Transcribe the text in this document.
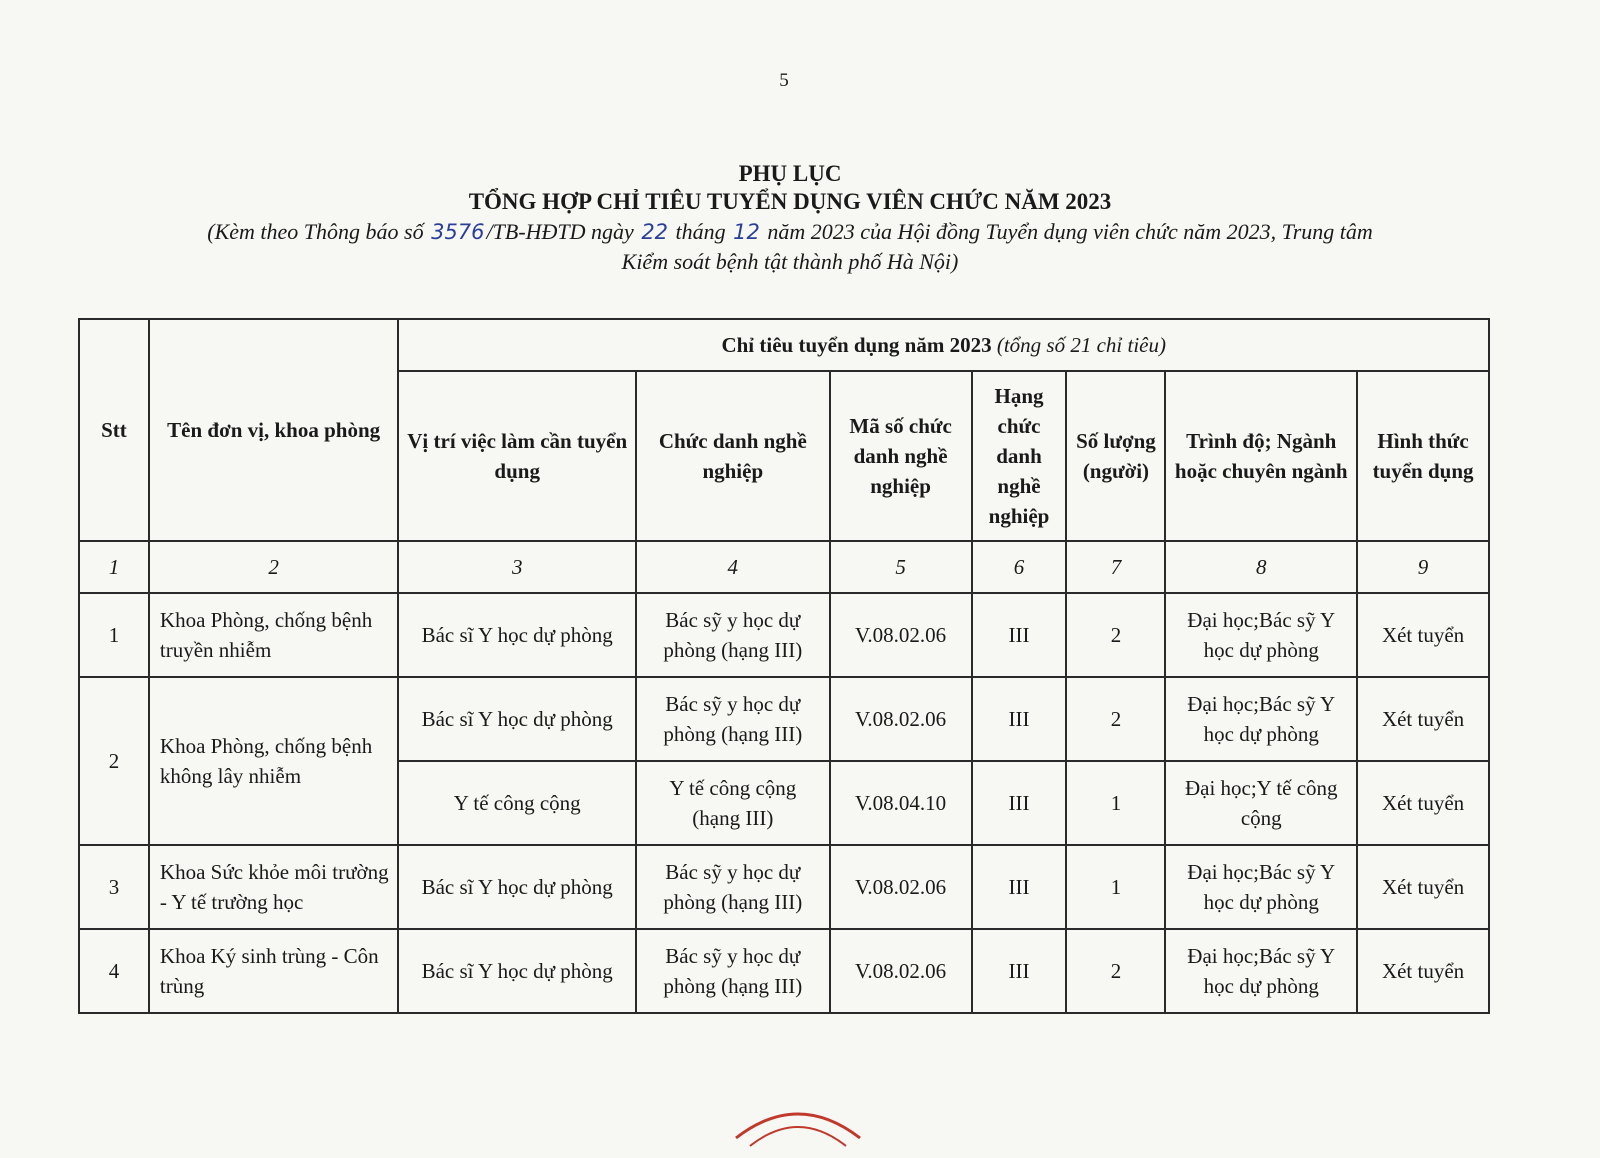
5
PHỤ LỤC
TỔNG HỢP CHỈ TIÊU TUYỂN DỤNG VIÊN CHỨC NĂM 2023
(Kèm theo Thông báo số 3576/TB-HĐTD ngày 22 tháng 12 năm 2023 của Hội đồng Tuyển dụng viên chức năm 2023, Trung tâm
Kiểm soát bệnh tật thành phố Hà Nội)
Stt	Tên đơn vị, khoa phòng	Chỉ tiêu tuyển dụng năm 2023 (tổng số 21 chỉ tiêu)						
		Vị trí việc làm cần tuyển dụng	Chức danh nghề nghiệp	Mã số chức danh nghề nghiệp	Hạng chức danh nghề nghiệp	Số lượng (người)	Trình độ; Ngành hoặc chuyên ngành	Hình thức tuyển dụng
1	2	3	4	5	6	7	8	9
1	Khoa Phòng, chống bệnh truyền nhiễm	Bác sĩ Y học dự phòng	Bác sỹ y học dự phòng (hạng III)	V.08.02.06	III	2	Đại học;Bác sỹ Y học dự phòng	Xét tuyển
2	Khoa Phòng, chống bệnh không lây nhiễm	Bác sĩ Y học dự phòng	Bác sỹ y học dự phòng (hạng III)	V.08.02.06	III	2	Đại học;Bác sỹ Y học dự phòng	Xét tuyển
		Y tế công cộng	Y tế công cộng (hạng III)	V.08.04.10	III	1	Đại học;Y tế công cộng	Xét tuyển
3	Khoa Sức khỏe môi trường - Y tế trường học	Bác sĩ Y học dự phòng	Bác sỹ y học dự phòng (hạng III)	V.08.02.06	III	1	Đại học;Bác sỹ Y học dự phòng	Xét tuyển
4	Khoa Ký sinh trùng - Côn trùng	Bác sĩ Y học dự phòng	Bác sỹ y học dự phòng (hạng III)	V.08.02.06	III	2	Đại học;Bác sỹ Y học dự phòng	Xét tuyển
